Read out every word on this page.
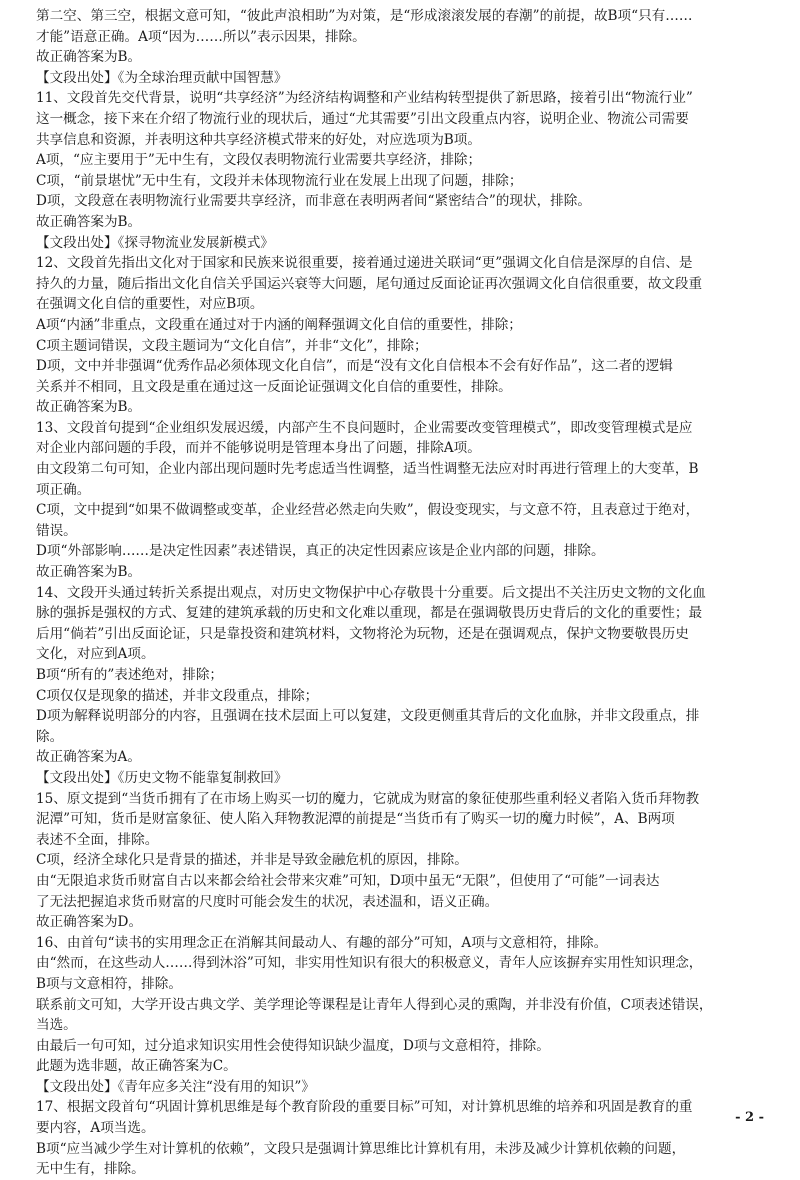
第二空、第三空，根据文意可知，“彼此声浪相助”为对策，是“形成滚滚发展的春潮”的前提，故B项“只有……
才能”语意正确。A项“因为……所以”表示因果，排除。
故正确答案为B。
【文段出处】《为全球治理贡献中国智慧》
11、文段首先交代背景，说明“共享经济”为经济结构调整和产业结构转型提供了新思路，接着引出“物流行业”
这一概念，接下来在介绍了物流行业的现状后，通过“尤其需要”引出文段重点内容，说明企业、物流公司需要
共享信息和资源，并表明这种共享经济模式带来的好处，对应选项为B项。
A项，“应主要用于”无中生有，文段仅表明物流行业需要共享经济，排除；
C项，“前景堪忧”无中生有，文段并未体现物流行业在发展上出现了问题，排除；
D项，文段意在表明物流行业需要共享经济，而非意在表明两者间“紧密结合”的现状，排除。
故正确答案为B。
【文段出处】《探寻物流业发展新模式》
12、文段首先指出文化对于国家和民族来说很重要，接着通过递进关联词“更”强调文化自信是深厚的自信、是
持久的力量，随后指出文化自信关乎国运兴衰等大问题，尾句通过反面论证再次强调文化自信很重要，故文段重
在强调文化自信的重要性，对应B项。
A项“内涵”非重点，文段重在通过对于内涵的阐释强调文化自信的重要性，排除；
C项主题词错误，文段主题词为“文化自信”，并非“文化”，排除；
D项，文中并非强调“优秀作品必须体现文化自信”，而是“没有文化自信根本不会有好作品”，这二者的逻辑
关系并不相同，且文段是重在通过这一反面论证强调文化自信的重要性，排除。
故正确答案为B。
13、文段首句提到“企业组织发展迟缓，内部产生不良问题时，企业需要改变管理模式”，即改变管理模式是应
对企业内部问题的手段，而并不能够说明是管理本身出了问题，排除A项。
由文段第二句可知，企业内部出现问题时先考虑适当性调整，适当性调整无法应对时再进行管理上的大变革，B
项正确。
C项，文中提到“如果不做调整或变革，企业经营必然走向失败”，假设变现实，与文意不符，且表意过于绝对，
错误。
D项“外部影响……是决定性因素”表述错误，真正的决定性因素应该是企业内部的问题，排除。
故正确答案为B。
14、文段开头通过转折关系提出观点，对历史文物保护中心存敬畏十分重要。后文提出不关注历史文物的文化血
脉的强拆是强权的方式、复建的建筑承载的历史和文化难以重现，都是在强调敬畏历史背后的文化的重要性；最
后用“倘若”引出反面论证，只是靠投资和建筑材料，文物将沦为玩物，还是在强调观点，保护文物要敬畏历史
文化，对应到A项。
B项“所有的”表述绝对，排除；
C项仅仅是现象的描述，并非文段重点，排除；
D项为解释说明部分的内容，且强调在技术层面上可以复建，文段更侧重其背后的文化血脉，并非文段重点，排
除。
故正确答案为A。
【文段出处】《历史文物不能靠复制救回》
15、原文提到“当货币拥有了在市场上购买一切的魔力，它就成为财富的象征使那些重利轻义者陷入货币拜物教
泥潭”可知，货币是财富象征、使人陷入拜物教泥潭的前提是“当货币有了购买一切的魔力时候”，A、B两项
表述不全面，排除。
C项，经济全球化只是背景的描述，并非是导致金融危机的原因，排除。
由“无限追求货币财富自古以来都会给社会带来灾难”可知，D项中虽无“无限”，但使用了“可能”一词表达
了无法把握追求货币财富的尺度时可能会发生的状况，表述温和，语义正确。
故正确答案为D。
16、由首句“读书的实用理念正在消解其间最动人、有趣的部分”可知，A项与文意相符，排除。
由“然而，在这些动人……得到沐浴”可知，非实用性知识有很大的积极意义，青年人应该摒弃实用性知识理念，
B项与文意相符，排除。
联系前文可知，大学开设古典文学、美学理论等课程是让青年人得到心灵的熏陶，并非没有价值，C项表述错误，
当选。
由最后一句可知，过分追求知识实用性会使得知识缺少温度，D项与文意相符，排除。
此题为选非题，故正确答案为C。
【文段出处】《青年应多关注“没有用的知识”》
17、根据文段首句“巩固计算机思维是每个教育阶段的重要目标”可知，对计算机思维的培养和巩固是教育的重
要内容，A项当选。
B项“应当减少学生对计算机的依赖”，文段只是强调计算思维比计算机有用，未涉及减少计算机依赖的问题，
无中生有，排除。
- 2 -
